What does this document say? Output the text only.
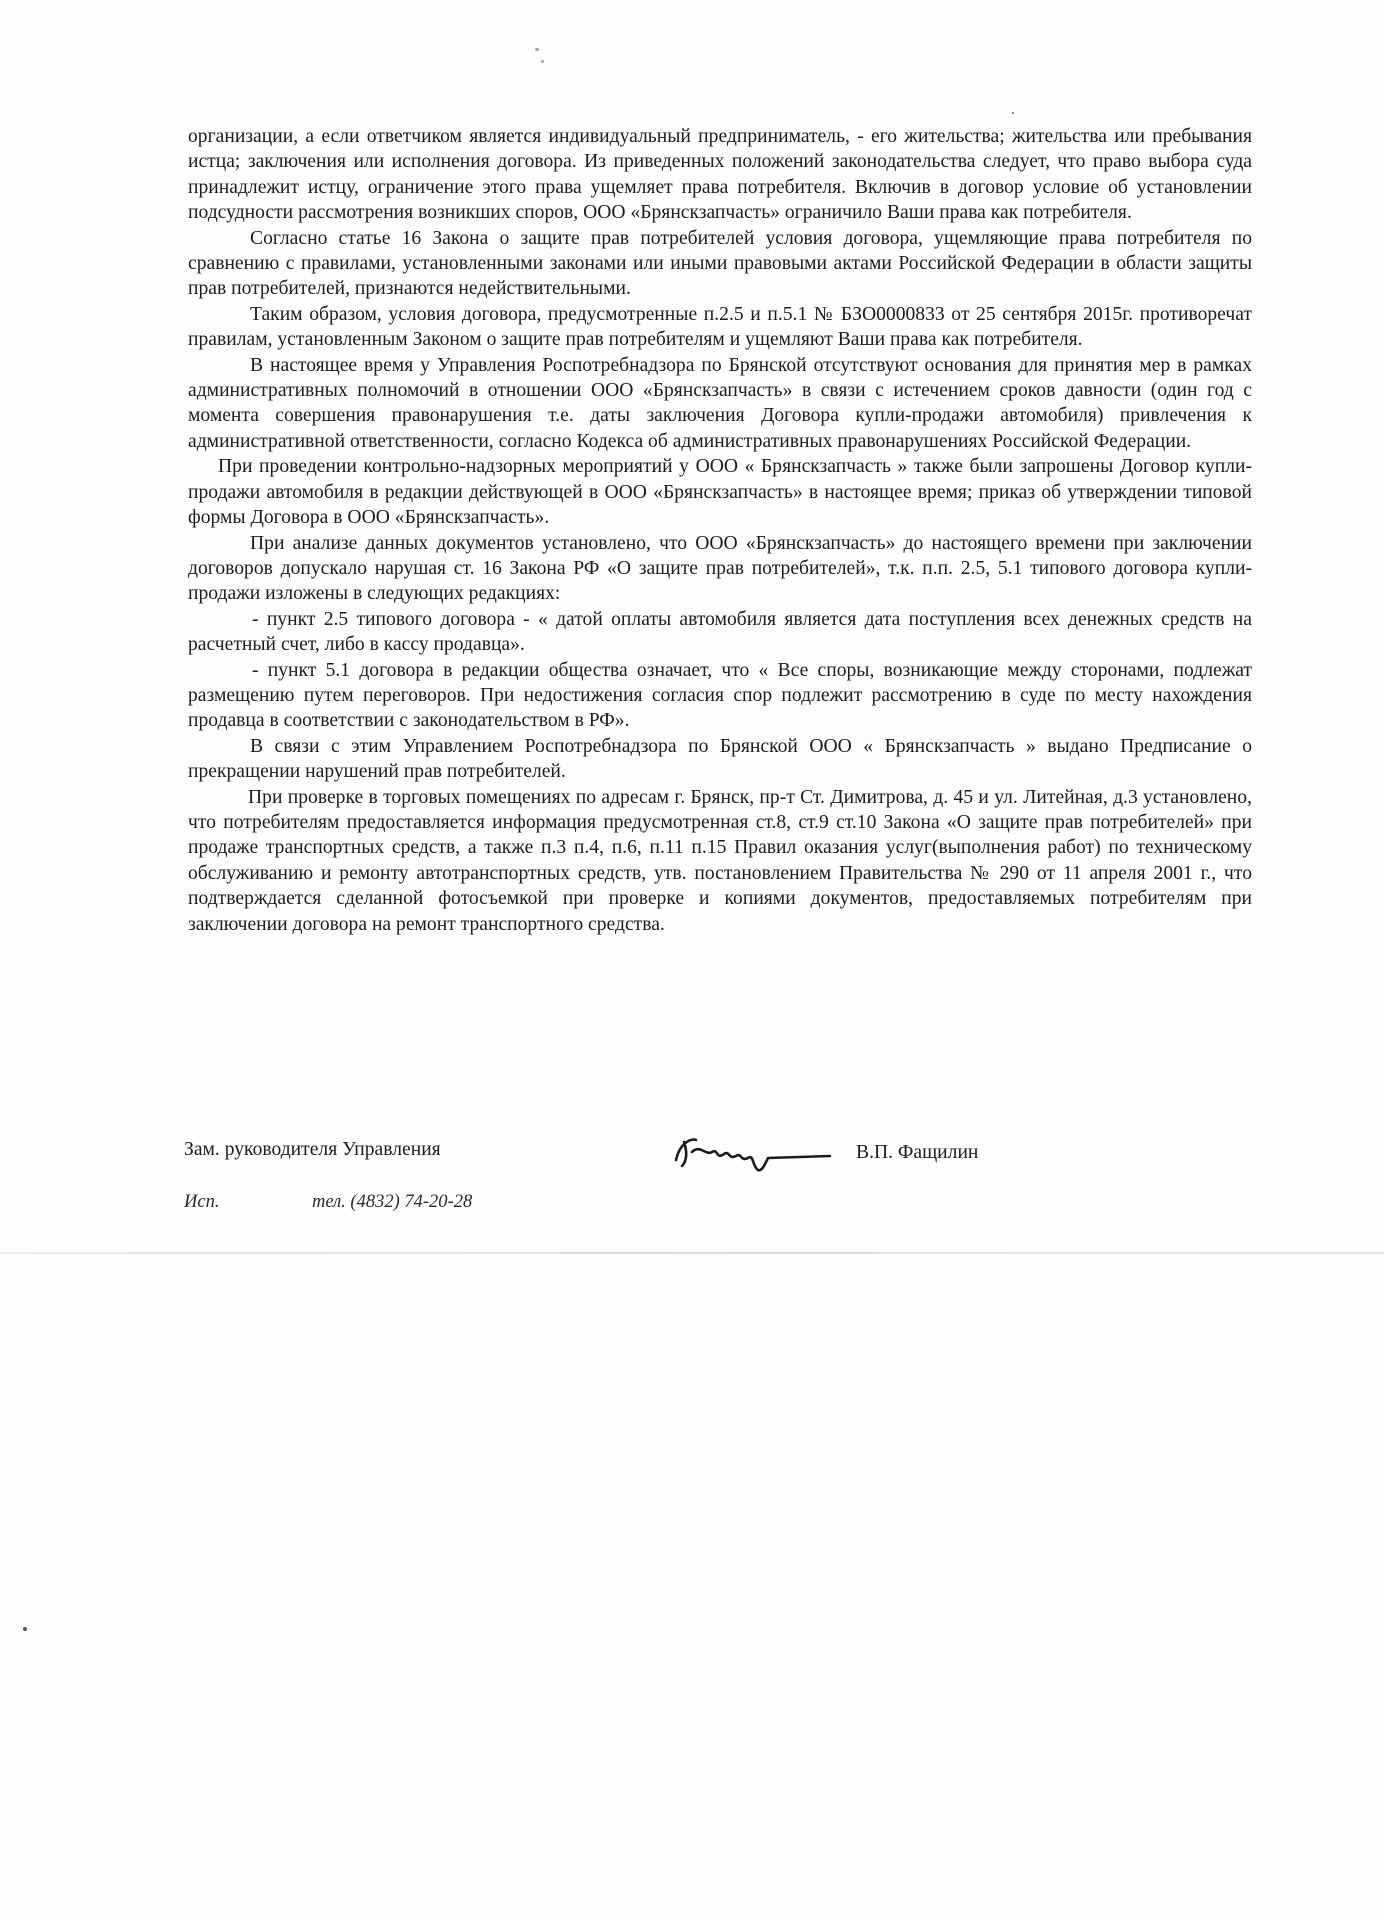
организации, а если ответчиком является индивидуальный предприниматель, - его жительства; жительства или пребывания истца; заключения или исполнения договора. Из приведенных положений законодательства следует, что право выбора суда принадлежит истцу, ограничение этого права ущемляет права потребителя. Включив в договор условие об установлении подсудности рассмотрения возникших споров, ООО «Брянскзапчасть» ограничило Ваши права как потребителя.

Согласно статье 16 Закона о защите прав потребителей условия договора, ущемляющие права потребителя по сравнению с правилами, установленными законами или иными правовыми актами Российской Федерации в области защиты прав потребителей, признаются недействительными.

Таким образом, условия договора, предусмотренные п.2.5 и п.5.1 № БЗО0000833 от 25 сентября 2015г. противоречат правилам, установленным Законом о защите прав потребителям и ущемляют Ваши права как потребителя.

В настоящее время у Управления Роспотребнадзора по Брянской отсутствуют основания для принятия мер в рамках административных полномочий в отношении ООО «Брянскзапчасть» в связи с истечением сроков давности (один год с момента совершения правонарушения т.е. даты заключения Договора купли-продажи автомобиля) привлечения к административной ответственности, согласно Кодекса об административных правонарушениях Российской Федерации.

При проведении контрольно-надзорных мероприятий у ООО « Брянскзапчасть » также были запрошены Договор купли-продажи автомобиля в редакции действующей в ООО «Брянскзапчасть» в настоящее время; приказ об утверждении типовой формы Договора в ООО «Брянскзапчасть».

При анализе данных документов установлено, что ООО «Брянскзапчасть» до настоящего времени при заключении договоров допускало нарушая ст. 16 Закона РФ «О защите прав потребителей», т.к. п.п. 2.5, 5.1 типового договора купли-продажи изложены в следующих редакциях:

- пункт 2.5 типового договора - « датой оплаты автомобиля является дата поступления всех денежных средств на расчетный счет, либо в кассу продавца».

- пункт 5.1 договора в редакции общества означает, что « Все споры, возникающие между сторонами, подлежат размещению путем переговоров. При недостижения согласия спор подлежит рассмотрению в суде по месту нахождения продавца в соответствии с законодательством в РФ».

В связи с этим Управлением Роспотребнадзора по Брянской ООО « Брянскзапчасть » выдано Предписание о прекращении нарушений прав потребителей.

При проверке в торговых помещениях по адресам г. Брянск, пр-т Ст. Димитрова, д. 45 и ул. Литейная, д.3 установлено, что потребителям предоставляется информация предусмотренная ст.8, ст.9 ст.10 Закона «О защите прав потребителей» при продаже транспортных средств, а также п.3 п.4, п.6, п.11 п.15 Правил оказания услуг(выполнения работ) по техническому обслуживанию и ремонту автотранспортных средств, утв. постановлением Правительства № 290 от 11 апреля 2001 г., что подтверждается сделанной фотосъемкой при проверке и копиями документов, предоставляемых потребителям при заключении договора на ремонт транспортного средства.

Зам. руководителя Управления	В.П. Фащилин
Исп.	тел. (4832) 74-20-28
